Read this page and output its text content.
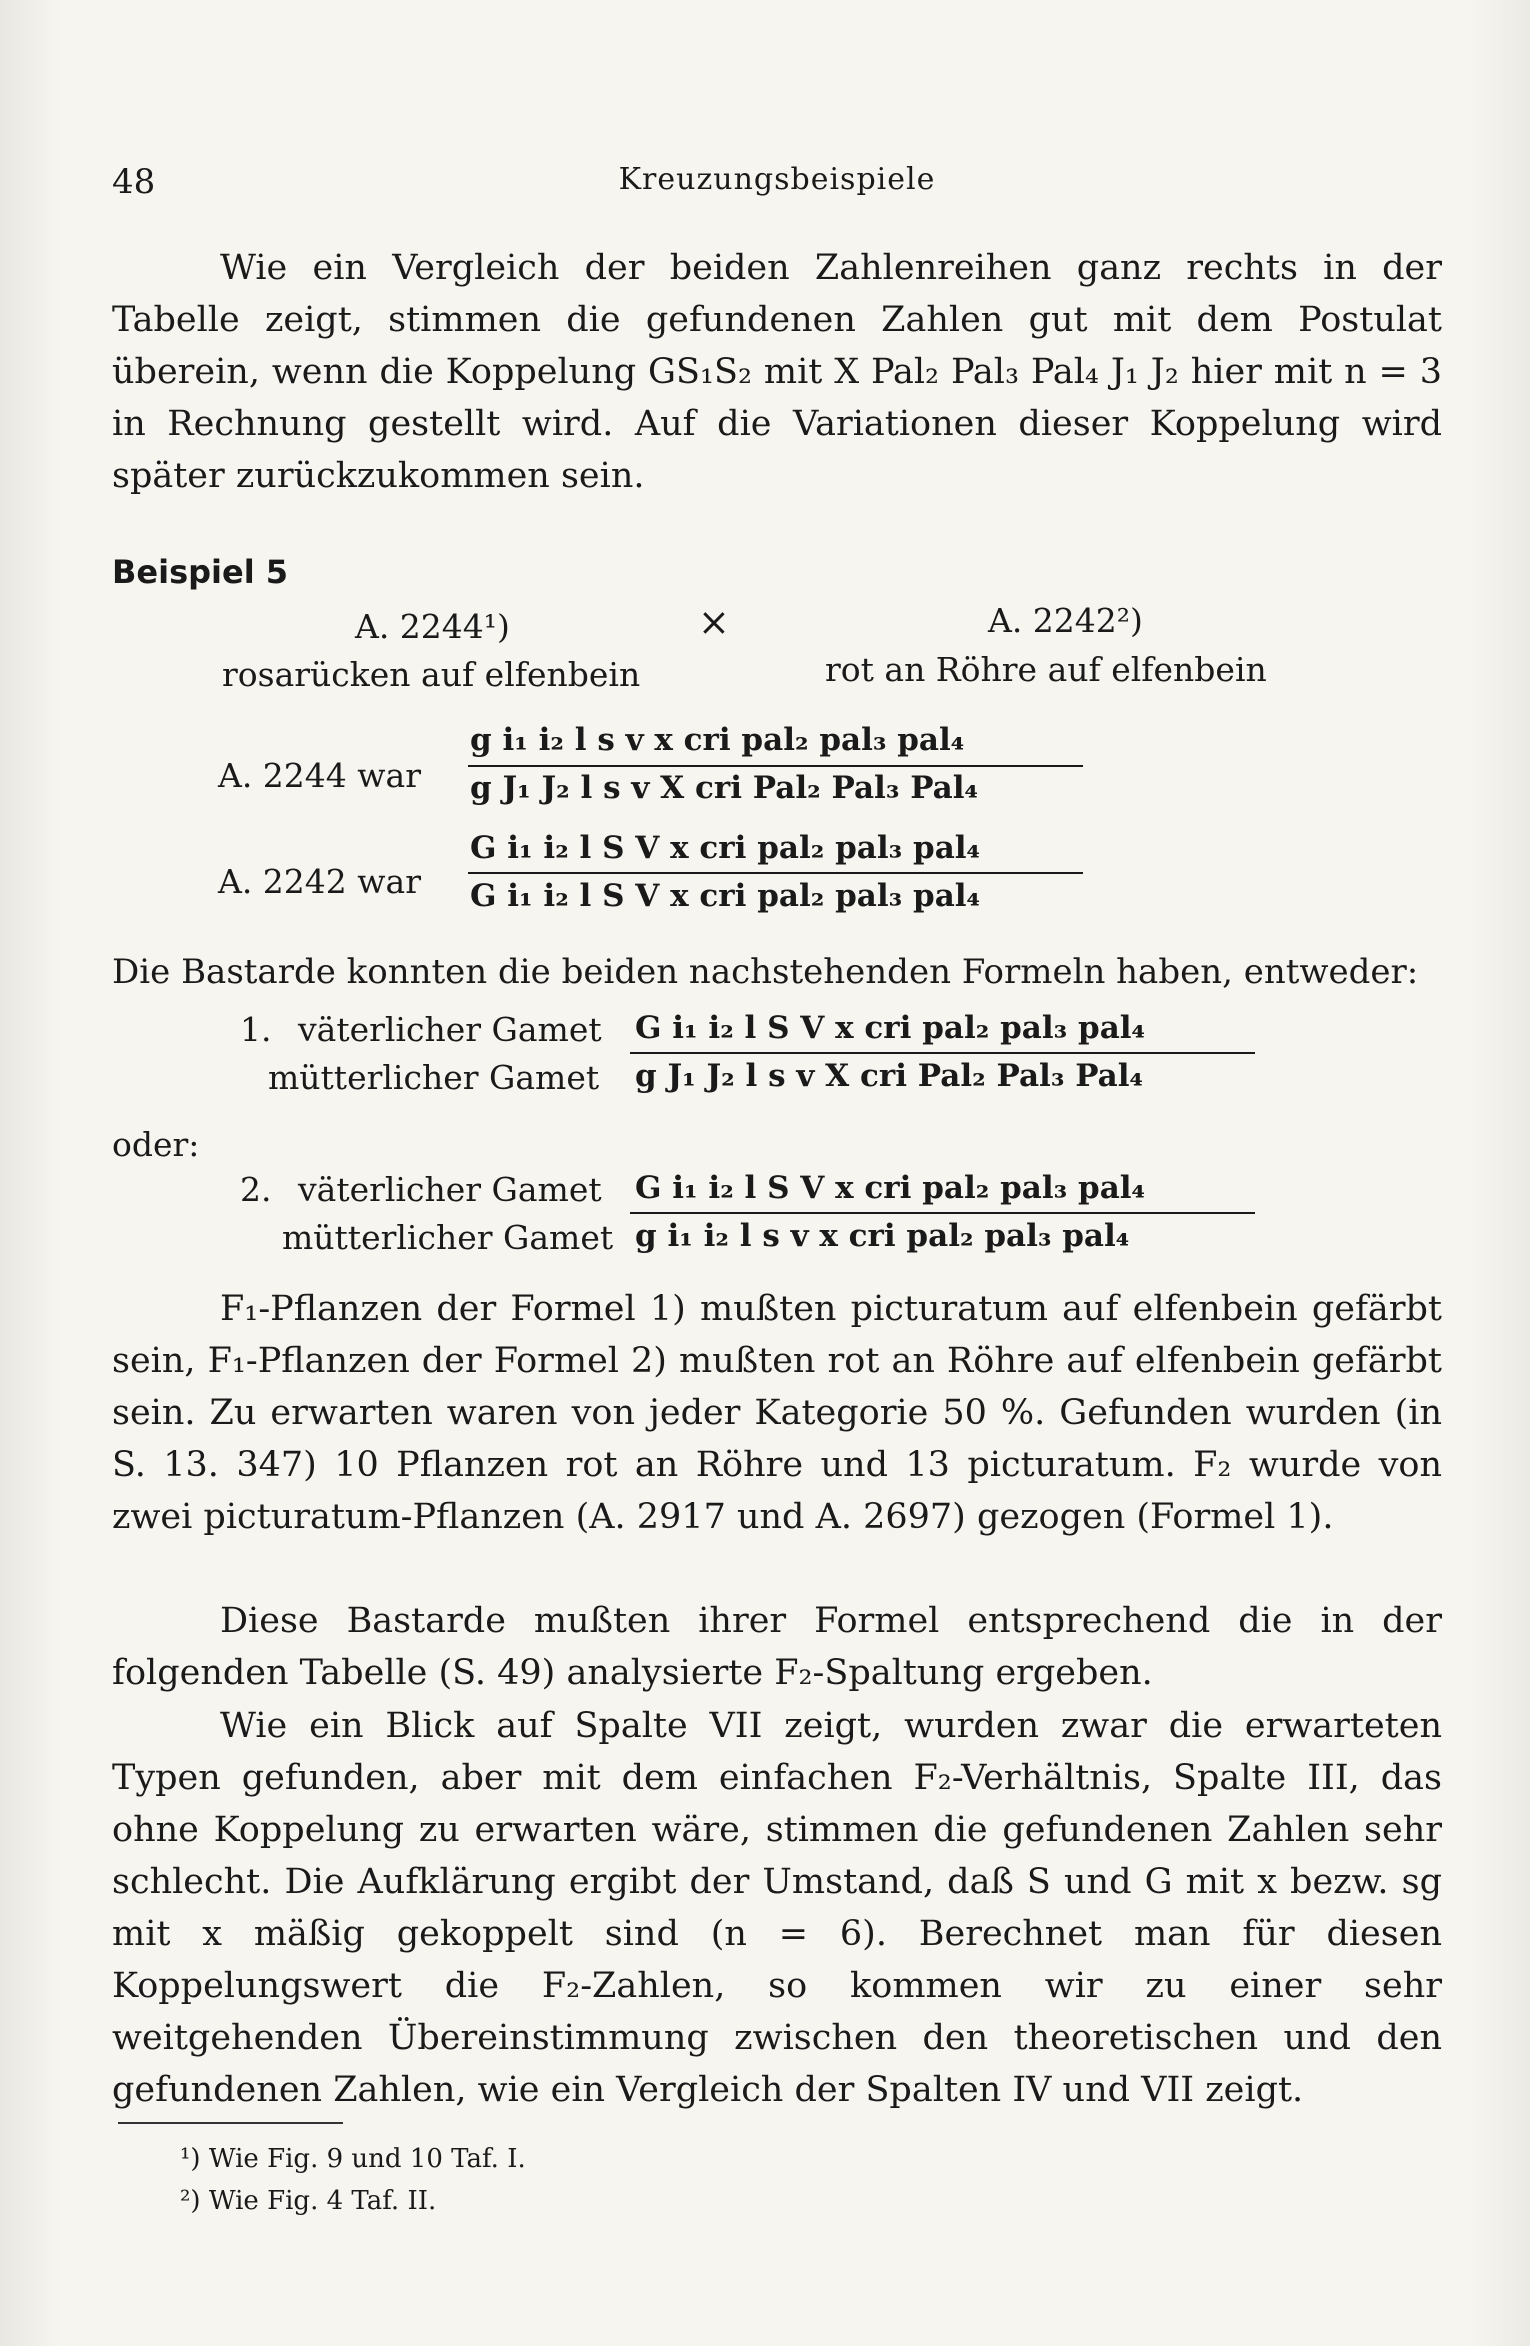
48	Kreuzungsbeispiele
Wie ein Vergleich der beiden Zahlenreihen ganz rechts in der Tabelle zeigt, stimmen die gefundenen Zahlen gut mit dem Postulat überein, wenn die Koppelung GS₁S₂ mit X Pal₂ Pal₃ Pal₄ J₁ J₂ hier mit n = 3 in Rechnung gestellt wird. Auf die Variationen dieser Koppelung wird später zurückzukommen sein.
Beispiel 5
A. 2244¹)	×	A. 2242²)
rosarücken auf elfenbein	rot an Röhre auf elfenbein
A. 2244 war
g i₁ i₂ l s v x cri pal₂ pal₃ pal₄
g J₁ J₂ l s v X cri Pal₂ Pal₃ Pal₄
A. 2242 war
G i₁ i₂ l S V x cri pal₂ pal₃ pal₄
G i₁ i₂ l S V x cri pal₂ pal₃ pal₄
Die Bastarde konnten die beiden nachstehenden Formeln haben, entweder:
1. väterlicher Gamet G i₁ i₂ l S V x cri pal₂ pal₃ pal₄
mütterlicher Gamet g J₁ J₂ l s v X cri Pal₂ Pal₃ Pal₄
oder:
2. väterlicher Gamet G i₁ i₂ l S V x cri pal₂ pal₃ pal₄
mütterlicher Gamet g i₁ i₂ l s v x cri pal₂ pal₃ pal₄
F₁-Pflanzen der Formel 1) mußten picturatum auf elfenbein gefärbt sein, F₁-Pflanzen der Formel 2) mußten rot an Röhre auf elfenbein gefärbt sein. Zu erwarten waren von jeder Kategorie 50 %. Gefunden wurden (in S. 13. 347) 10 Pflanzen rot an Röhre und 13 picturatum. F₂ wurde von zwei picturatum-Pflanzen (A. 2917 und A. 2697) gezogen (Formel 1).
Diese Bastarde mußten ihrer Formel entsprechend die in der folgenden Tabelle (S. 49) analysierte F₂-Spaltung ergeben.
Wie ein Blick auf Spalte VII zeigt, wurden zwar die erwarteten Typen gefunden, aber mit dem einfachen F₂-Verhältnis, Spalte III, das ohne Koppelung zu erwarten wäre, stimmen die gefundenen Zahlen sehr schlecht. Die Aufklärung ergibt der Umstand, daß S und G mit x bezw. sg mit x mäßig gekoppelt sind (n = 6). Berechnet man für diesen Koppelungswert die F₂-Zahlen, so kommen wir zu einer sehr weitgehenden Übereinstimmung zwischen den theoretischen und den gefundenen Zahlen, wie ein Vergleich der Spalten IV und VII zeigt.
¹) Wie Fig. 9 und 10 Taf. I.
²) Wie Fig. 4 Taf. II.
